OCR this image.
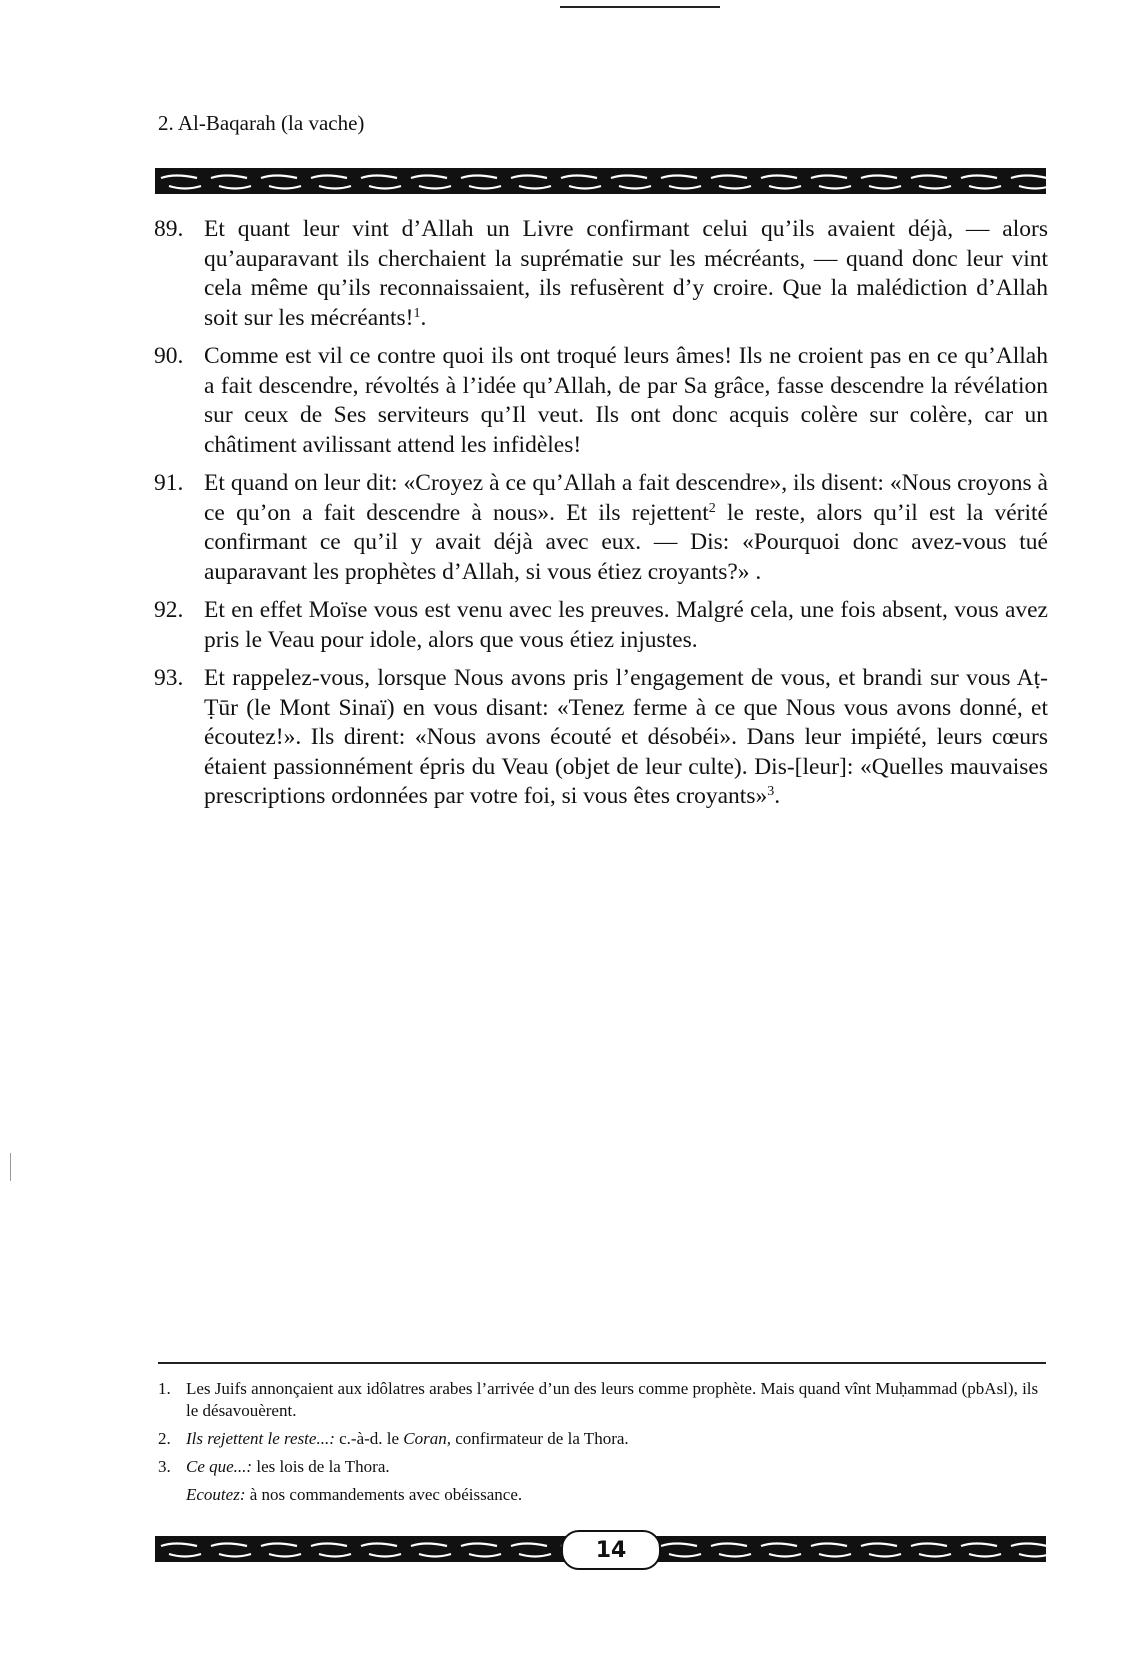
2. Al-Baqarah (la vache)
89. Et quant leur vint d’Allah un Livre confirmant celui qu’ils avaient déjà, — alors qu’auparavant ils cherchaient la suprématie sur les mécréants, — quand donc leur vint cela même qu’ils reconnaissaient, ils refusèrent d’y croire. Que la malédiction d’Allah soit sur les mécréants!$^1$.
90. Comme est vil ce contre quoi ils ont troqué leurs âmes! Ils ne croient pas en ce qu’Allah a fait descendre, révoltés à l’idée qu’Allah, de par Sa grâce, fasse descendre la révélation sur ceux de Ses serviteurs qu’Il veut. Ils ont donc acquis colère sur colère, car un châtiment avilissant attend les infidèles!
91. Et quand on leur dit: «Croyez à ce qu’Allah a fait descendre», ils disent: «Nous croyons à ce qu’on a fait descendre à nous». Et ils rejettent$^2$ le reste, alors qu’il est la vérité confirmant ce qu’il y avait déjà avec eux. — Dis: «Pourquoi donc avez-vous tué auparavant les prophètes d’Allah, si vous étiez croyants?» .
92. Et en effet Moïse vous est venu avec les preuves. Malgré cela, une fois absent, vous avez pris le Veau pour idole, alors que vous étiez injustes.
93. Et rappelez-vous, lorsque Nous avons pris l’engagement de vous, et brandi sur vous Aṭ-Ṭūr (le Mont Sinaï) en vous disant: «Tenez ferme à ce que Nous vous avons donné, et écoutez!». Ils dirent: «Nous avons écouté et désobéi». Dans leur impiété, leurs cœurs étaient passionnément épris du Veau (objet de leur culte). Dis-[leur]: «Quelles mauvaises prescriptions ordonnées par votre foi, si vous êtes croyants»$^3$.
1. Les Juifs annonçaient aux idôlatres arabes l’arrivée d’un des leurs comme prophète. Mais quand vînt Muḥammad (pbAsl), ils le désavouèrent.
2. Ils rejettent le reste...: c.-à-d. le Coran, confirmateur de la Thora.
3. Ce que...: les lois de la Thora.
Ecoutez: à nos commandements avec obéissance.
14
